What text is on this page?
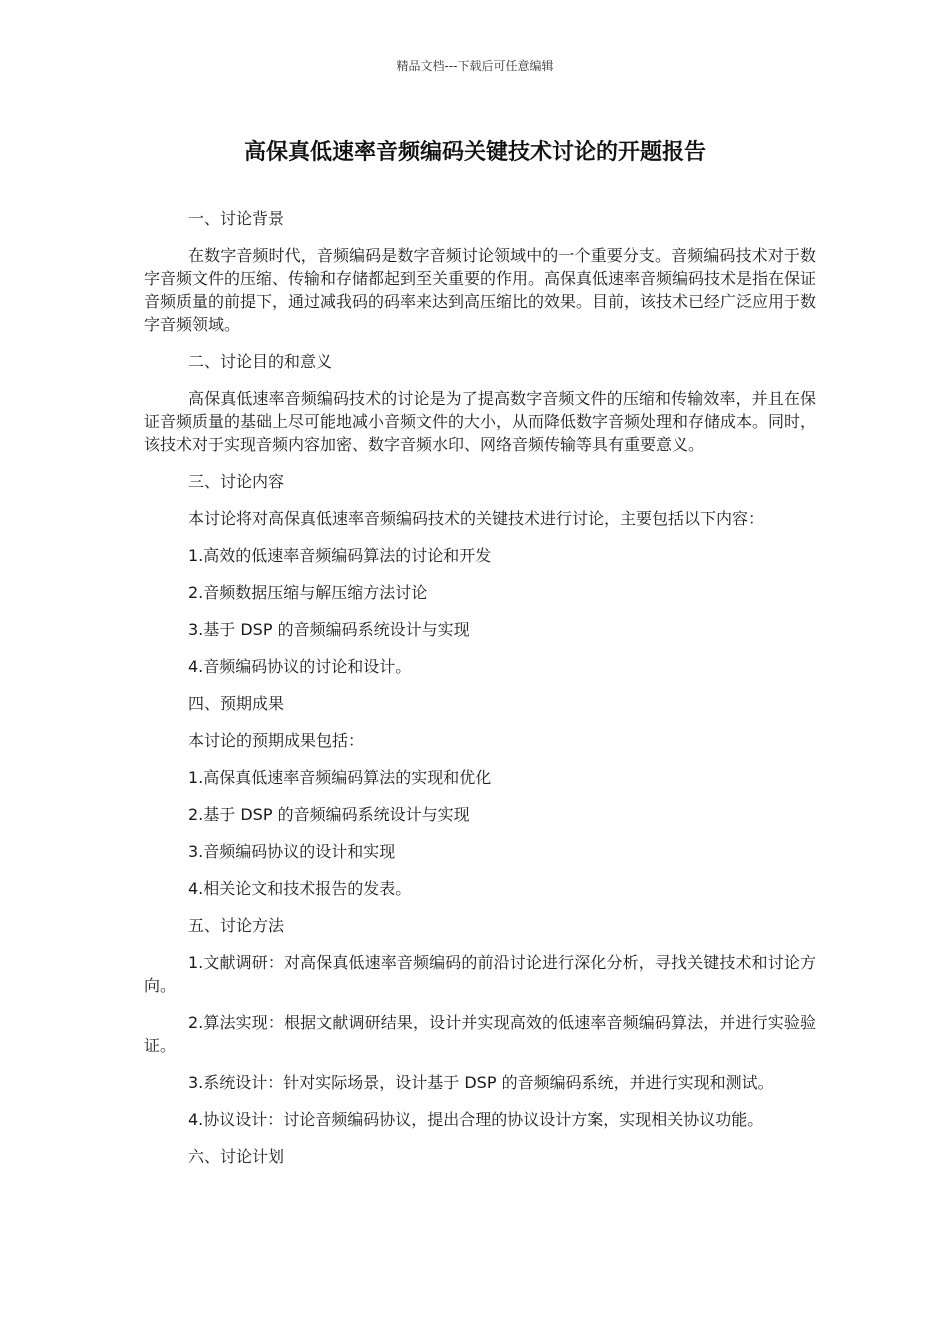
精品文档---下载后可任意编辑
高保真低速率音频编码关键技术讨论的开题报告
一、讨论背景
在数字音频时代，音频编码是数字音频讨论领域中的一个重要分支。音频编码技术对于数字音频文件的压缩、传输和存储都起到至关重要的作用。高保真低速率音频编码技术是指在保证音频质量的前提下，通过减我码的码率来达到高压缩比的效果。目前，该技术已经广泛应用于数字音频领域。
二、讨论目的和意义
高保真低速率音频编码技术的讨论是为了提高数字音频文件的压缩和传输效率，并且在保证音频质量的基础上尽可能地减小音频文件的大小，从而降低数字音频处理和存储成本。同时，该技术对于实现音频内容加密、数字音频水印、网络音频传输等具有重要意义。
三、讨论内容
本讨论将对高保真低速率音频编码技术的关键技术进行讨论，主要包括以下内容：
1.高效的低速率音频编码算法的讨论和开发
2.音频数据压缩与解压缩方法讨论
3.基于 DSP 的音频编码系统设计与实现
4.音频编码协议的讨论和设计。
四、预期成果
本讨论的预期成果包括：
1.高保真低速率音频编码算法的实现和优化
2.基于 DSP 的音频编码系统设计与实现
3.音频编码协议的设计和实现
4.相关论文和技术报告的发表。
五、讨论方法
1.文献调研：对高保真低速率音频编码的前沿讨论进行深化分析，寻找关键技术和讨论方向。
2.算法实现：根据文献调研结果，设计并实现高效的低速率音频编码算法，并进行实验验证。
3.系统设计：针对实际场景，设计基于 DSP 的音频编码系统，并进行实现和测试。
4.协议设计：讨论音频编码协议，提出合理的协议设计方案，实现相关协议功能。
六、讨论计划
